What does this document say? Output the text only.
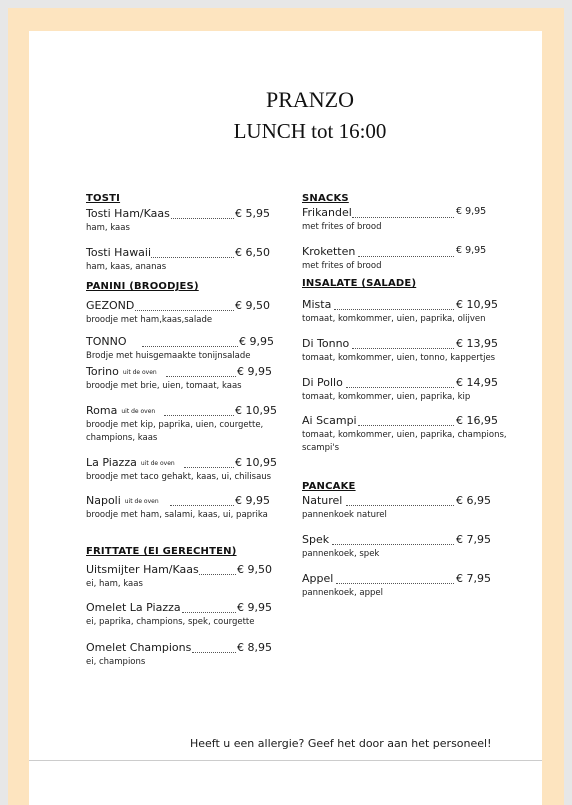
PRANZO
LUNCH tot 16:00
TOSTI
Tosti Ham/Kaas	€ 5,95
ham, kaas
Tosti Hawaii	€ 6,50
ham, kaas, ananas
PANINI (BROODJES)
GEZOND	€ 9,50
broodje met ham,kaas,salade
TONNO	€ 9,95
Brodje met huisgemaakte tonijnsalade
Torino uit de oven	€ 9,95
broodje met brie, uien, tomaat, kaas
Roma uit de oven	€ 10,95
broodje met kip, paprika, uien, courgette, champions, kaas
La Piazza uit de oven	€ 10,95
broodje met taco gehakt, kaas, ui, chilisaus
Napoli uit de oven	€ 9,95
broodje met ham, salami, kaas, ui, paprika
FRITTATE (EI GERECHTEN)
Uitsmijter Ham/Kaas	€ 9,50
ei, ham, kaas
Omelet La Piazza	€ 9,95
ei, paprika, champions, spek, courgette
Omelet Champions	€ 8,95
ei, champions
SNACKS
Frikandel	€ 9,95
met frites of brood
Kroketten	€ 9,95
met frites of brood
INSALATE (SALADE)
Mista	€ 10,95
tomaat, komkommer, uien, paprika, olijven
Di Tonno	€ 13,95
tomaat, komkommer, uien, tonno, kappertjes
Di Pollo	€ 14,95
tomaat, komkommer, uien, paprika, kip
Ai Scampi	€ 16,95
tomaat, komkommer, uien, paprika, champions, scampi's
PANCAKE
Naturel	€ 6,95
pannenkoek naturel
Spek	€ 7,95
pannenkoek, spek
Appel	€ 7,95
pannenkoek, appel
Heeft u een allergie? Geef het door aan het personeel!
